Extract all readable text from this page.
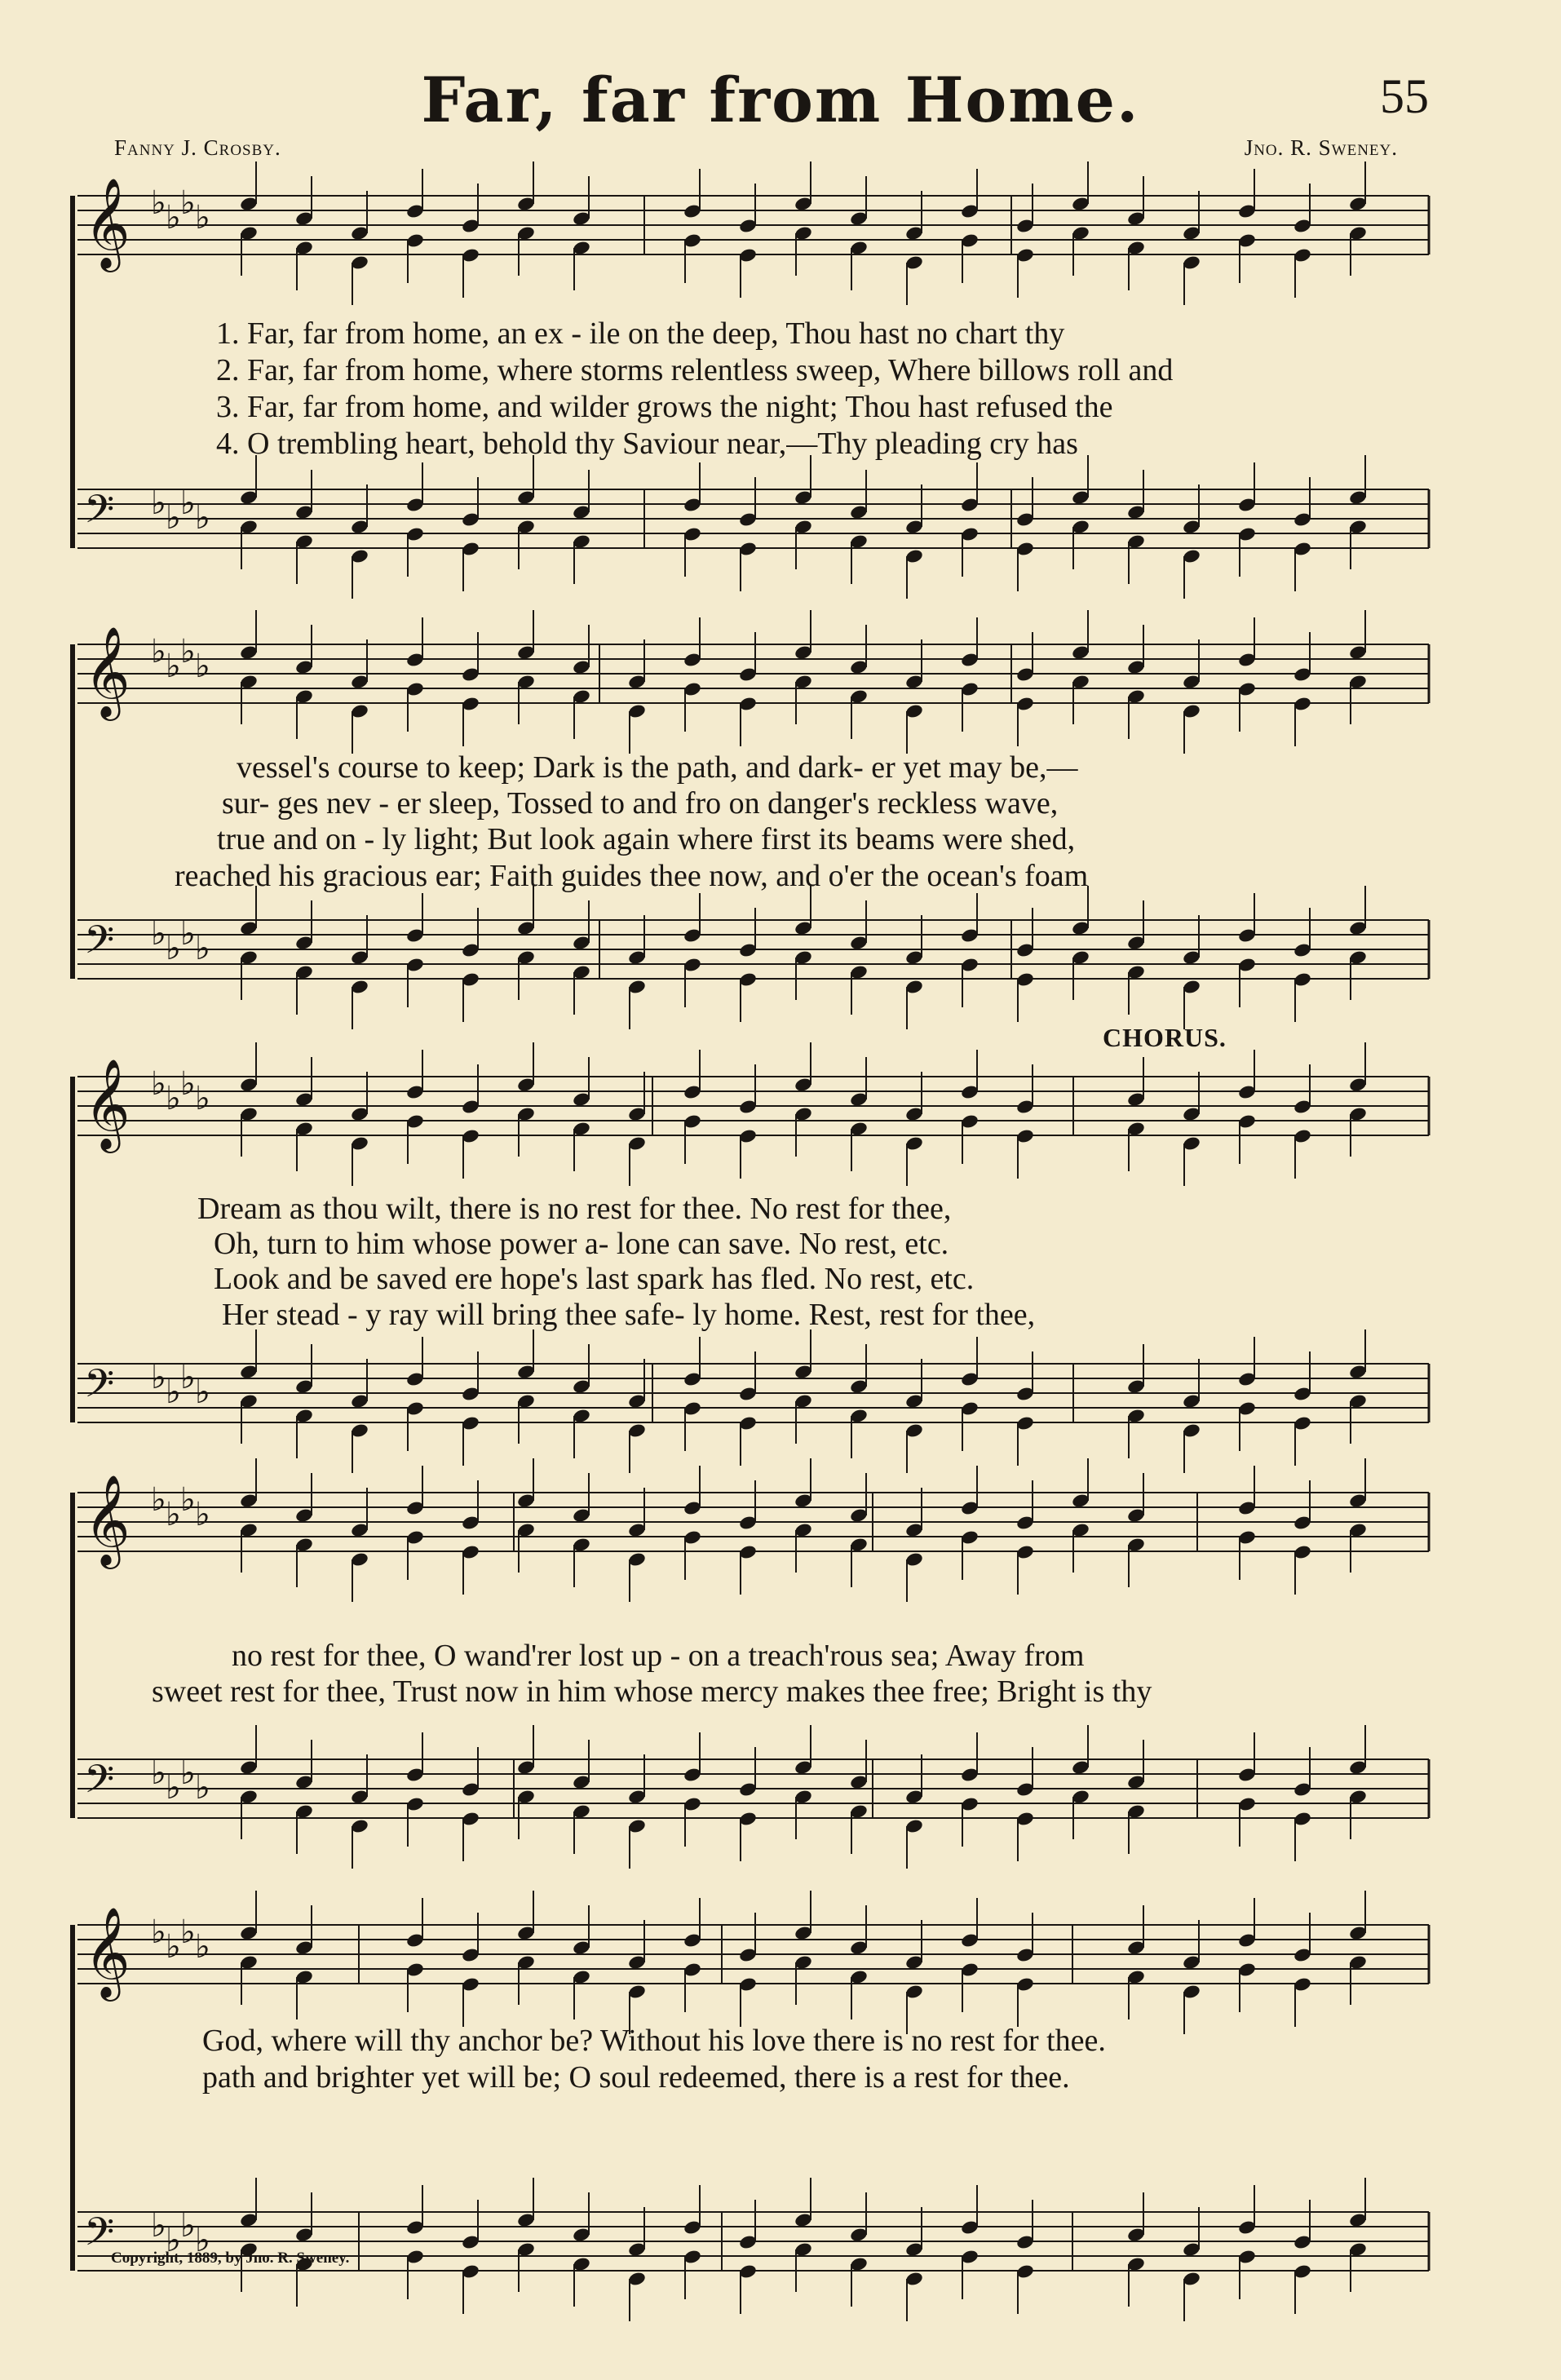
Far, far from Home.	55
Fanny J. Crosby.	Jno. R. Sweney.
𝄞 ♭ ♭ ♭ ♭
𝄢 ♭ ♭ ♭ ♭
𝄞 ♭ ♭ ♭ ♭
𝄢 ♭ ♭ ♭ ♭
𝄞 ♭ ♭ ♭ ♭
𝄢 ♭ ♭ ♭ ♭
𝄞 ♭ ♭ ♭ ♭
𝄢 ♭ ♭ ♭ ♭
𝄞 ♭ ♭ ♭ ♭
𝄢 ♭ ♭ ♭ ♭
1. Far, far from home, an ex - ile on the deep, Thou hast no chart thy
2. Far, far from home, where storms relentless sweep, Where billows roll and
3. Far, far from home, and wilder grows the night; Thou hast refused the
4. O trembling heart, behold thy Saviour near,—Thy pleading cry has
vessel's course to keep; Dark is the path, and dark- er yet may be,—
sur- ges nev - er sleep, Tossed to and fro on danger's reckless wave,
true and on - ly light; But look again where first its beams were shed,
reached his gracious ear; Faith guides thee now, and o'er the ocean's foam
CHORUS.
Dream as thou wilt, there is no rest for thee. No rest for thee,
Oh, turn to him whose power a- lone can save. No rest, etc.
Look and be saved ere hope's last spark has fled. No rest, etc.
Her stead - y ray will bring thee safe- ly home. Rest, rest for thee,
no rest for thee, O wand'rer lost up - on a treach'rous sea; Away from
sweet rest for thee, Trust now in him whose mercy makes thee free; Bright is thy
God, where will thy anchor be? Without his love there is no rest for thee.
path and brighter yet will be; O soul redeemed, there is a rest for thee.
Copyright, 1889, by Jno. R. Sweney.
